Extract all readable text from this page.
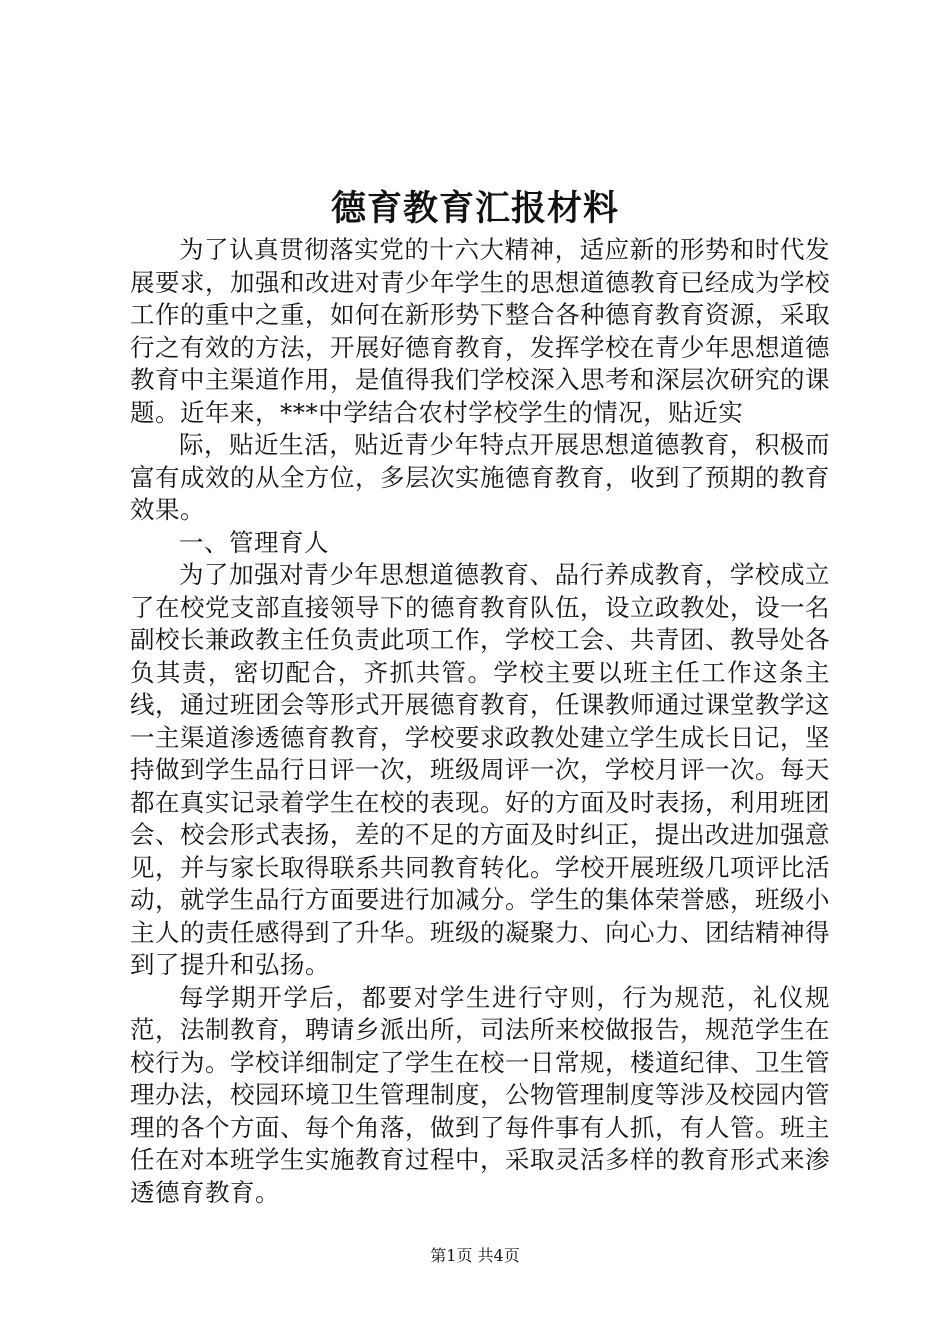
德育教育汇报材料

为了认真贯彻落实党的十六大精神，适应新的形势和时代发展要求，加强和改进对青少年学生的思想道德教育已经成为学校工作的重中之重，如何在新形势下整合各种德育教育资源，采取行之有效的方法，开展好德育教育，发挥学校在青少年思想道德教育中主渠道作用，是值得我们学校深入思考和深层次研究的课题。近年来，***中学结合农村学校学生的情况，贴近实

际，贴近生活，贴近青少年特点开展思想道德教育，积极而富有成效的从全方位，多层次实施德育教育，收到了预期的教育效果。

一、管理育人

为了加强对青少年思想道德教育、品行养成教育，学校成立了在校党支部直接领导下的德育教育队伍，设立政教处，设一名副校长兼政教主任负责此项工作，学校工会、共青团、教导处各负其责，密切配合，齐抓共管。学校主要以班主任工作这条主线，通过班团会等形式开展德育教育，任课教师通过课堂教学这一主渠道渗透德育教育，学校要求政教处建立学生成长日记，坚持做到学生品行日评一次，班级周评一次，学校月评一次。每天都在真实记录着学生在校的表现。好的方面及时表扬，利用班团会、校会形式表扬，差的不足的方面及时纠正，提出改进加强意见，并与家长取得联系共同教育转化。学校开展班级几项评比活动，就学生品行方面要进行加减分。学生的集体荣誉感，班级小主人的责任感得到了升华。班级的凝聚力、向心力、团结精神得到了提升和弘扬。

每学期开学后，都要对学生进行守则，行为规范，礼仪规范，法制教育，聘请乡派出所，司法所来校做报告，规范学生在校行为。学校详细制定了学生在校一日常规，楼道纪律、卫生管理办法，校园环境卫生管理制度，公物管理制度等涉及校园内管理的各个方面、每个角落，做到了每件事有人抓，有人管。班主任在对本班学生实施教育过程中，采取灵活多样的教育形式来渗透德育教育。

第1页 共4页
